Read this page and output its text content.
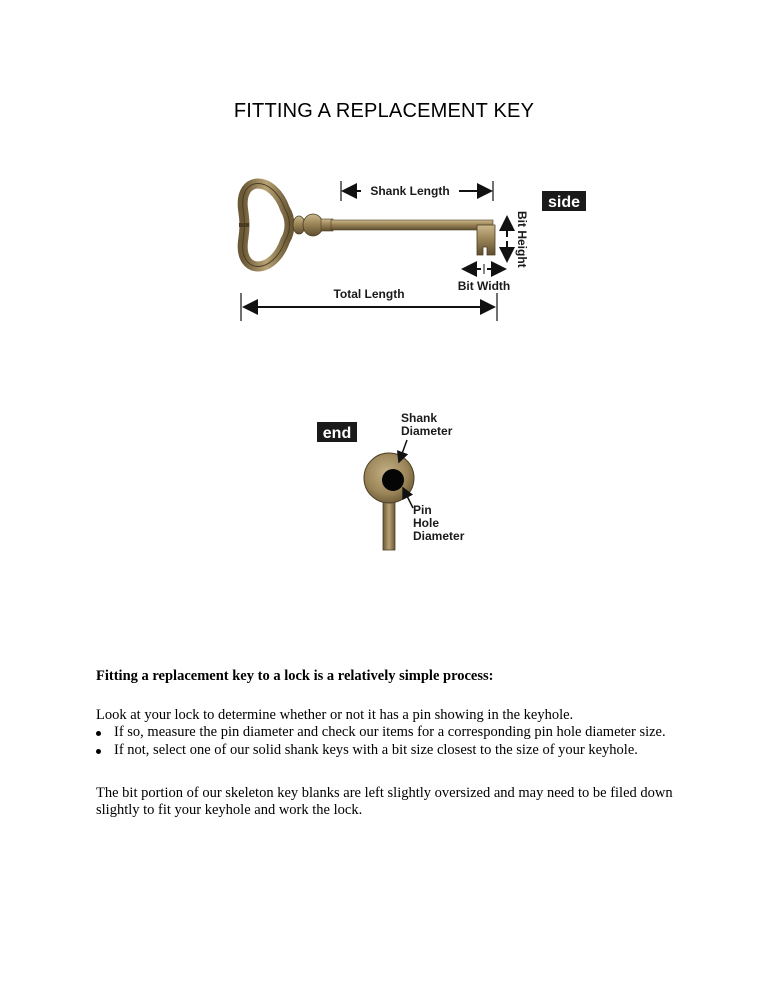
FITTING A REPLACEMENT KEY
Shank Length
Bit Height
Bit Width
Total Length
side
end
Shank
Diameter
Pin
Hole
Diameter
Fitting a replacement key to a lock is a relatively simple process:
Look at your lock to determine whether or not it has a pin showing in the keyhole.
If so, measure the pin diameter and check our items for a corresponding pin hole diameter size.
If not, select one of our solid shank keys with a bit size closest to the size of your keyhole.
The bit portion of our skeleton key blanks are left slightly oversized and may need to be filed down slightly to fit your keyhole and work the lock.
